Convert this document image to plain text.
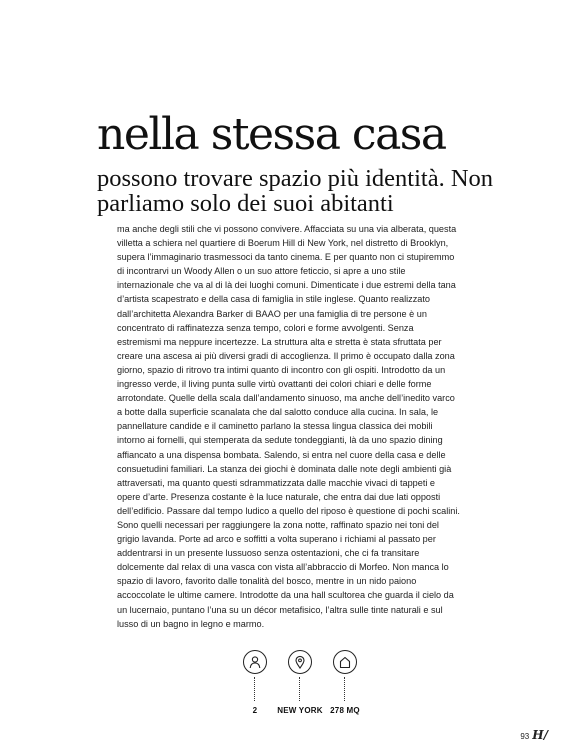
nella stessa casa
possono trovare spazio più identità. Non parliamo solo dei suoi abitanti

ma anche degli stili che vi possono convivere. Affacciata su una via alberata, questa villetta a schiera nel quartiere di Boerum Hill di New York, nel distretto di Brooklyn, supera l’immaginario trasmessoci da tanto cinema. E per quanto non ci stupiremmo di incontrarvi un Woody Allen o un suo attore feticcio, si apre a uno stile internazionale che va al di là dei luoghi comuni. Dimenticate i due estremi della tana d’artista scapestrato e della casa di famiglia in stile inglese. Quanto realizzato dall’architetta Alexandra Barker di BAAO per una famiglia di tre persone è un concentrato di raffinatezza senza tempo, colori e forme avvolgenti. Senza estremismi ma neppure incertezze. La struttura alta e stretta è stata sfruttata per creare una ascesa ai più diversi gradi di accoglienza. Il primo è occupato dalla zona giorno, spazio di ritrovo tra intimi quanto di incontro con gli ospiti. Introdotto da un ingresso verde, il living punta sulle virtù ovattanti dei colori chiari e delle forme arrotondate. Quelle della scala dall’andamento sinuoso, ma anche dell’inedito varco a botte dalla superficie scanalata che dal salotto conduce alla cucina. In sala, le pannellature candide e il caminetto parlano la stessa lingua classica dei mobili intorno ai fornelli, qui stemperata da sedute tondeggianti, là da uno spazio dining affiancato a una dispensa bombata. Salendo, si entra nel cuore della casa e delle consuetudini familiari. La stanza dei giochi è dominata dalle note degli ambienti già attraversati, ma quanto questi sdrammatizzata dalle macchie vivaci di tappeti e opere d’arte. Presenza costante è la luce naturale, che entra dai due lati opposti dell’edificio. Passare dal tempo ludico a quello del riposo è questione di pochi scalini. Sono quelli necessari per raggiungere la zona notte, raffinato spazio nei toni del grigio lavanda. Porte ad arco e soffitti a volta superano i richiami al passato per addentrarsi in un presente lussuoso senza ostentazioni, che ci fa transitare dolcemente dal relax di una vasca con vista all’abbraccio di Morfeo. Non manca lo spazio di lavoro, favorito dalle tonalità del bosco, mentre in un nido paiono accoccolate le ultime camere. Introdotte da una hall scultorea che guarda il cielo da un lucernaio, puntano l’una su un décor metafisico, l’altra sulle tinte naturali e sul lusso di un bagno in legno e marmo.

2	NEW YORK 278 MQ
93 H/
